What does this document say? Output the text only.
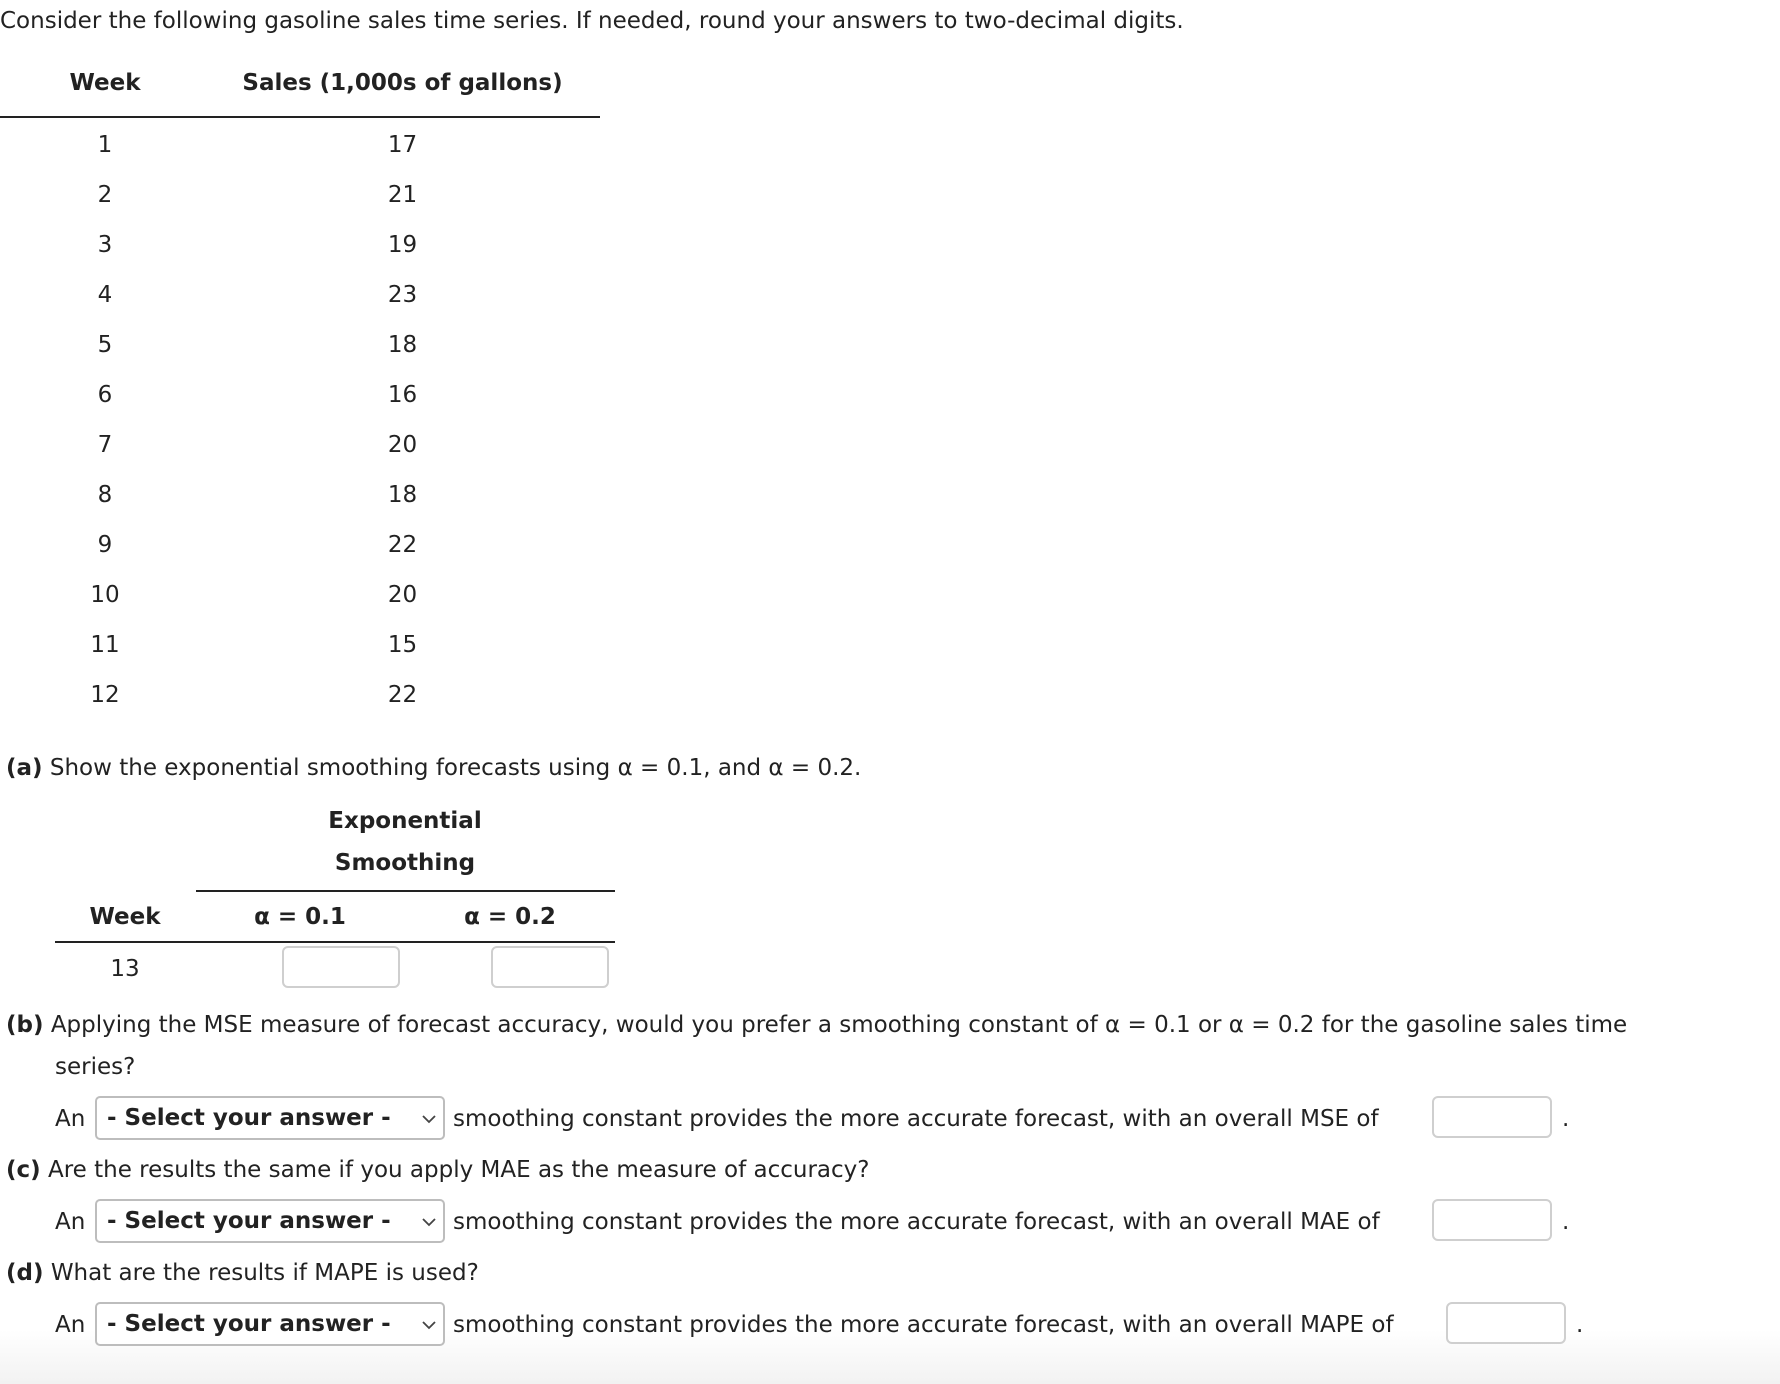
Consider the following gasoline sales time series. If needed, round your answers to two-decimal digits.
Week	Sales (1,000s of gallons)
1	17
2	21
3	19
4	23
5	18
6	16
7	20
8	18
9	22
10	20
11	15
12	22
(a) Show the exponential smoothing forecasts using α = 0.1, and α = 0.2.
Exponential
Smoothing
Week	α = 0.1	α = 0.2
13
(b) Applying the MSE measure of forecast accuracy, would you prefer a smoothing constant of α = 0.1 or α = 0.2 for the gasoline sales time
series?
An - Select your answer -	smoothing constant provides the more accurate forecast, with an overall MSE of	.
(c) Are the results the same if you apply MAE as the measure of accuracy?
An - Select your answer -	smoothing constant provides the more accurate forecast, with an overall MAE of	.
(d) What are the results if MAPE is used?
An - Select your answer -	smoothing constant provides the more accurate forecast, with an overall MAPE of	.
